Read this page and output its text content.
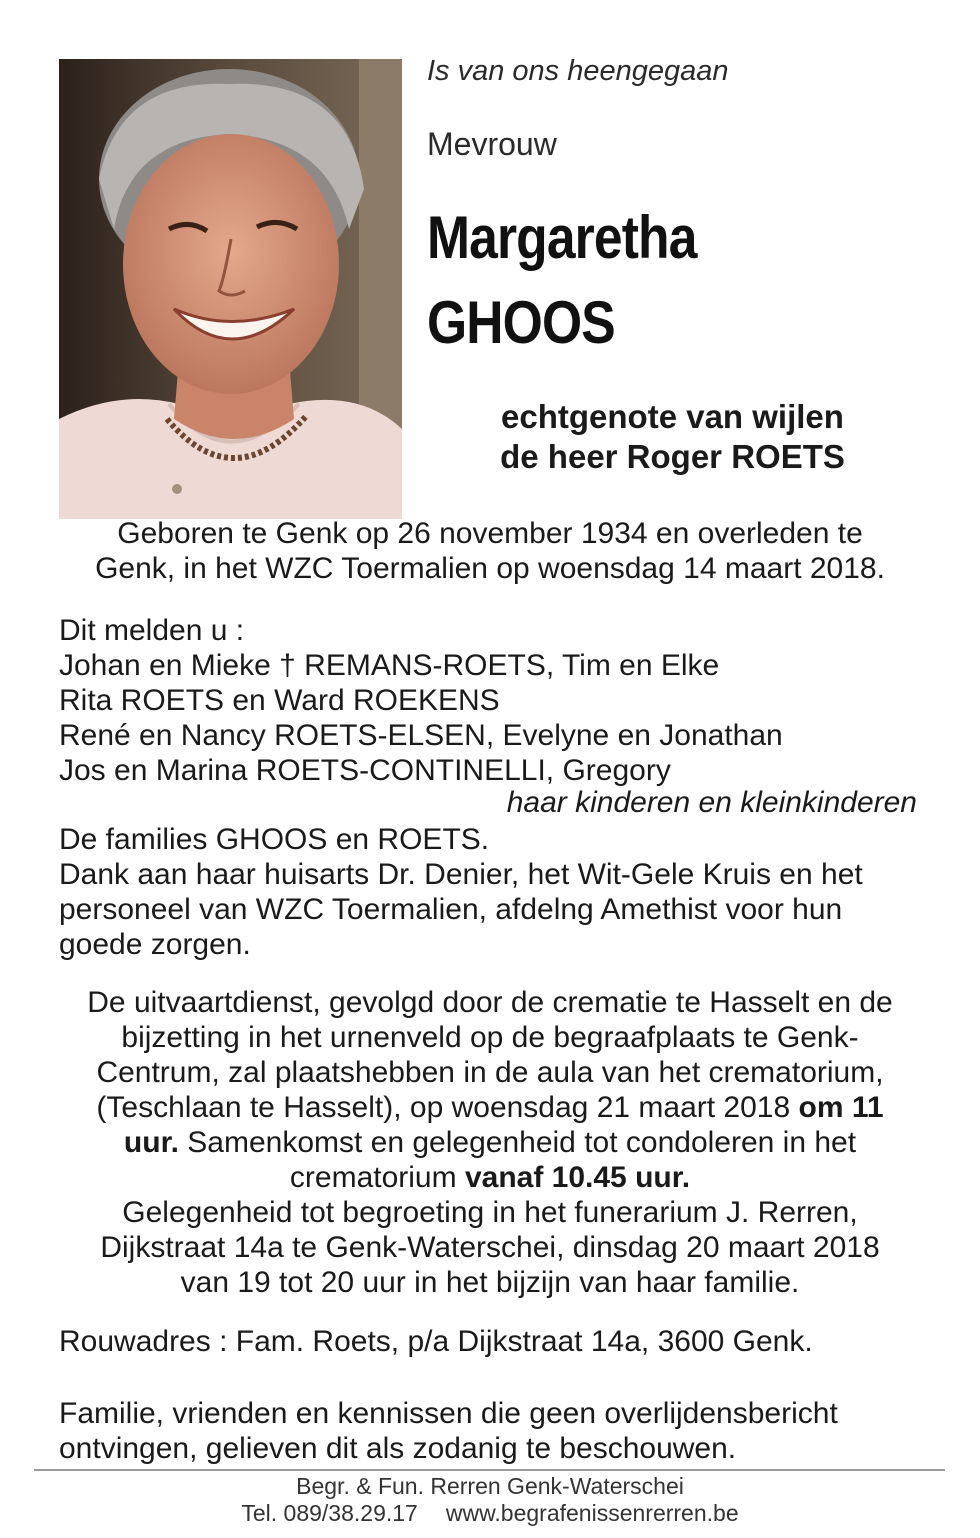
Is van ons heengegaan
Mevrouw
Margaretha
GHOOS
echtgenote van wijlen
de heer Roger ROETS
Geboren te Genk op 26 november 1934 en overleden te
Genk, in het WZC Toermalien op woensdag 14 maart 2018.
Dit melden u :
Johan en Mieke † REMANS-ROETS, Tim en Elke
Rita ROETS en Ward ROEKENS
René en Nancy ROETS-ELSEN, Evelyne en Jonathan
Jos en Marina ROETS-CONTINELLI, Gregory
haar kinderen en kleinkinderen
De families GHOOS en ROETS.
Dank aan haar huisarts Dr. Denier, het Wit-Gele Kruis en het
personeel van WZC Toermalien, afdelng Amethist voor hun
goede zorgen.
De uitvaartdienst, gevolgd door de crematie te Hasselt en de
bijzetting in het urnenveld op de begraafplaats te Genk-
Centrum, zal plaatshebben in de aula van het crematorium,
(Teschlaan te Hasselt), op woensdag 21 maart 2018 om 11
uur. Samenkomst en gelegenheid tot condoleren in het
crematorium vanaf 10.45 uur.
Gelegenheid tot begroeting in het funerarium J. Rerren,
Dijkstraat 14a te Genk-Waterschei, dinsdag 20 maart 2018
van 19 tot 20 uur in het bijzijn van haar familie.
Rouwadres : Fam. Roets, p/a Dijkstraat 14a, 3600 Genk.
Familie, vrienden en kennissen die geen overlijdensbericht
ontvingen, gelieven dit als zodanig te beschouwen.
Begr. & Fun. Rerren Genk-Waterschei
Tel. 089/38.29.17 www.begrafenissenrerren.be
